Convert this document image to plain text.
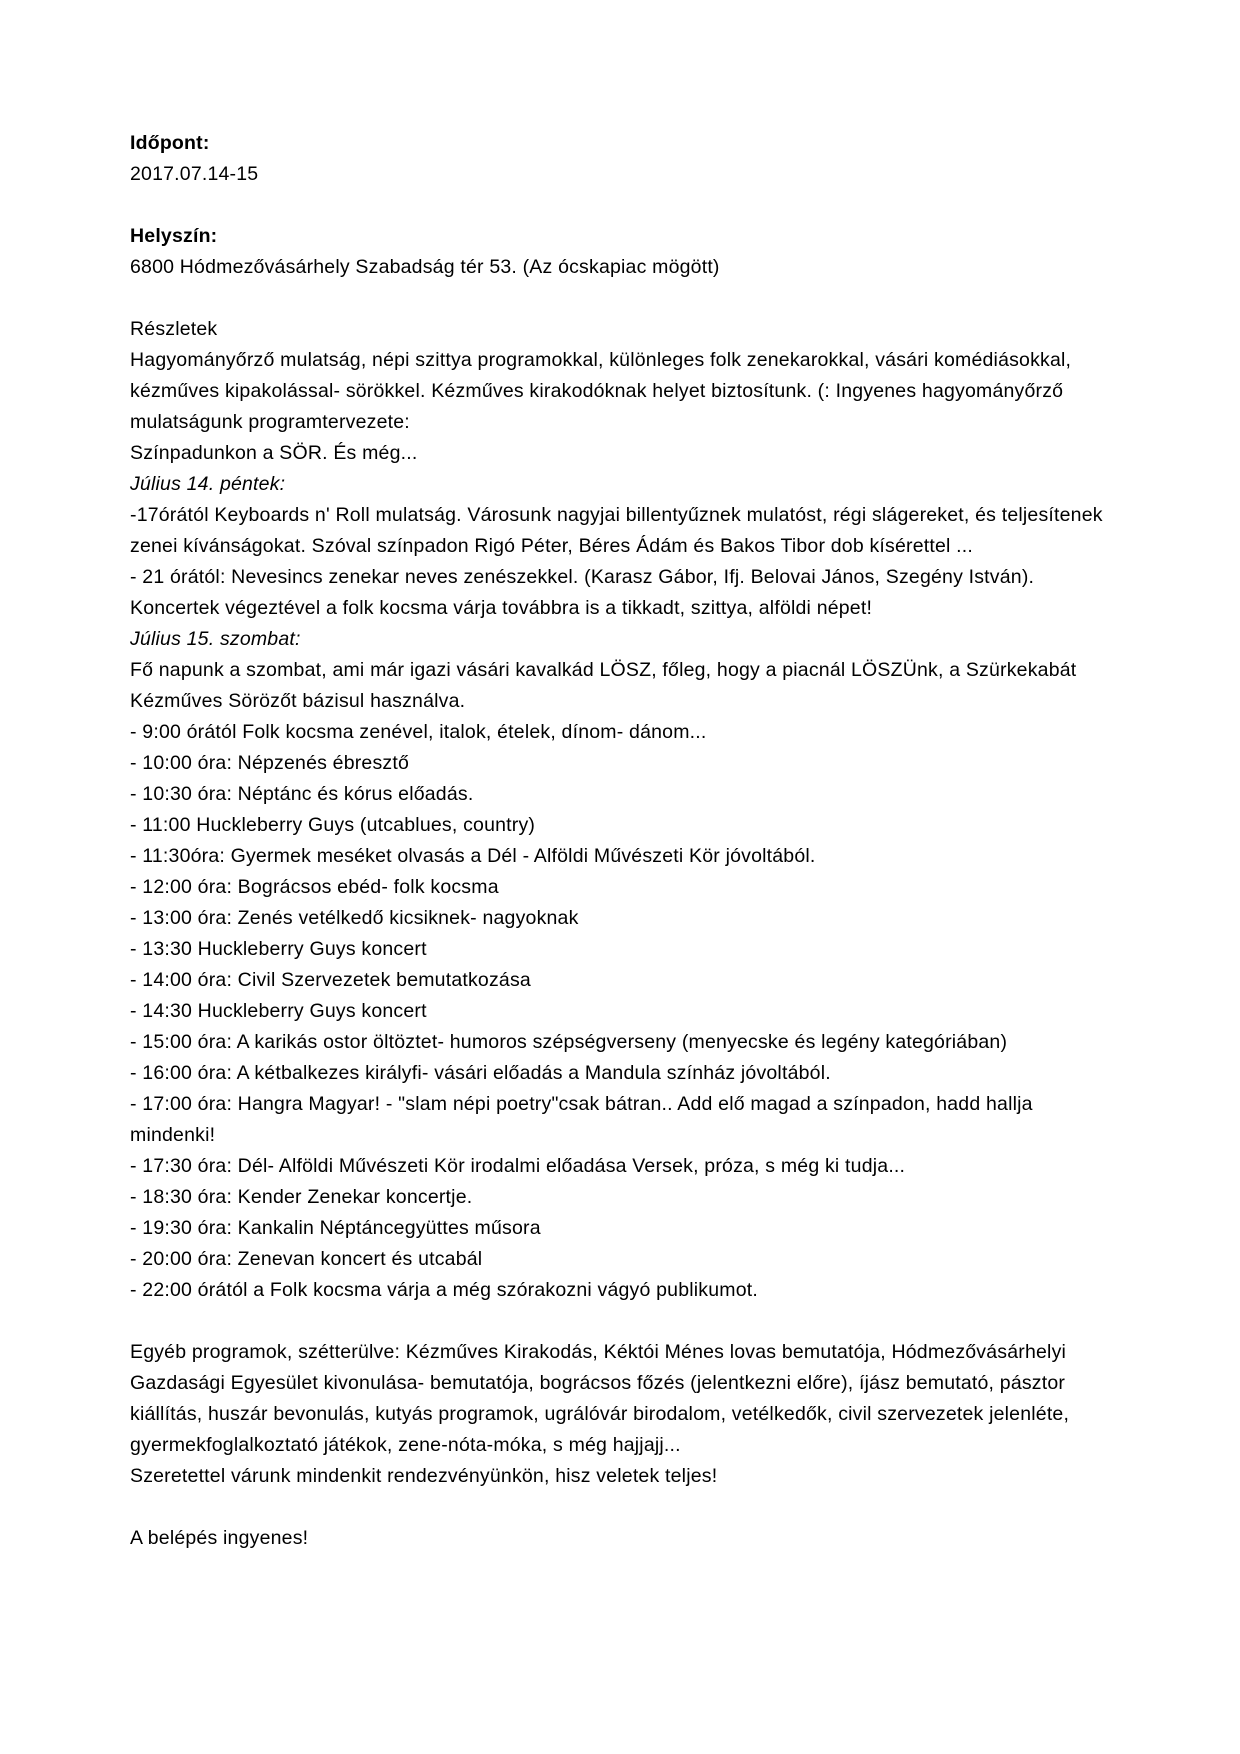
Időpont:

2017.07.14-15

Helyszín:

6800 Hódmezővásárhely Szabadság tér 53. (Az ócskapiac mögött)

Részletek

Hagyományőrző mulatság, népi szittya programokkal, különleges folk zenekarokkal, vásári komédiásokkal, kézműves kipakolással- sörökkel. Kézműves kirakodóknak helyet biztosítunk. (: Ingyenes hagyományőrző mulatságunk programtervezete:

Színpadunkon a SÖR. És még...

Július 14. péntek:

-17órától Keyboards n' Roll mulatság. Városunk nagyjai billentyűznek mulatóst, régi slágereket, és teljesítenek zenei kívánságokat. Szóval színpadon Rigó Péter, Béres Ádám és Bakos Tibor dob kísérettel ...

- 21 órától: Nevesincs zenekar neves zenészekkel. (Karasz Gábor, Ifj. Belovai János, Szegény István). Koncertek végeztével a folk kocsma várja továbbra is a tikkadt, szittya, alföldi népet!

Július 15. szombat:

Fő napunk a szombat, ami már igazi vásári kavalkád LÖSZ, főleg, hogy a piacnál LÖSZÜnk, a Szürkekabát Kézműves Sörözőt bázisul használva.

- 9:00 órától Folk kocsma zenével, italok, ételek, dínom- dánom...

- 10:00 óra: Népzenés ébresztő

- 10:30 óra: Néptánc és kórus előadás.

- 11:00 Huckleberry Guys (utcablues, country)

- 11:30óra: Gyermek meséket olvasás a Dél - Alföldi Művészeti Kör jóvoltából.

- 12:00 óra: Bográcsos ebéd- folk kocsma

- 13:00 óra: Zenés vetélkedő kicsiknek- nagyoknak

- 13:30 Huckleberry Guys koncert

- 14:00 óra: Civil Szervezetek bemutatkozása

- 14:30 Huckleberry Guys koncert

- 15:00 óra: A karikás ostor öltöztet- humoros szépségverseny (menyecske és legény kategóriában)

- 16:00 óra: A kétbalkezes királyfi- vásári előadás a Mandula színház jóvoltából.

- 17:00 óra: Hangra Magyar! - "slam népi poetry"csak bátran.. Add elő magad a színpadon, hadd hallja mindenki!

- 17:30 óra: Dél- Alföldi Művészeti Kör irodalmi előadása Versek, próza, s még ki tudja...

- 18:30 óra: Kender Zenekar koncertje.

- 19:30 óra: Kankalin Néptáncegyüttes műsora

- 20:00 óra: Zenevan koncert és utcabál

- 22:00 órától a Folk kocsma várja a még szórakozni vágyó publikumot.

Egyéb programok, szétterülve: Kézműves Kirakodás, Kéktói Ménes lovas bemutatója, Hódmezővásárhelyi Gazdasági Egyesület kivonulása- bemutatója, bográcsos főzés (jelentkezni előre), íjász bemutató, pásztor kiállítás, huszár bevonulás, kutyás programok, ugrálóvár birodalom, vetélkedők, civil szervezetek jelenléte, gyermekfoglalkoztató játékok, zene-nóta-móka, s még hajjajj...

Szeretettel várunk mindenkit rendezvényünkön, hisz veletek teljes!

A belépés ingyenes!
